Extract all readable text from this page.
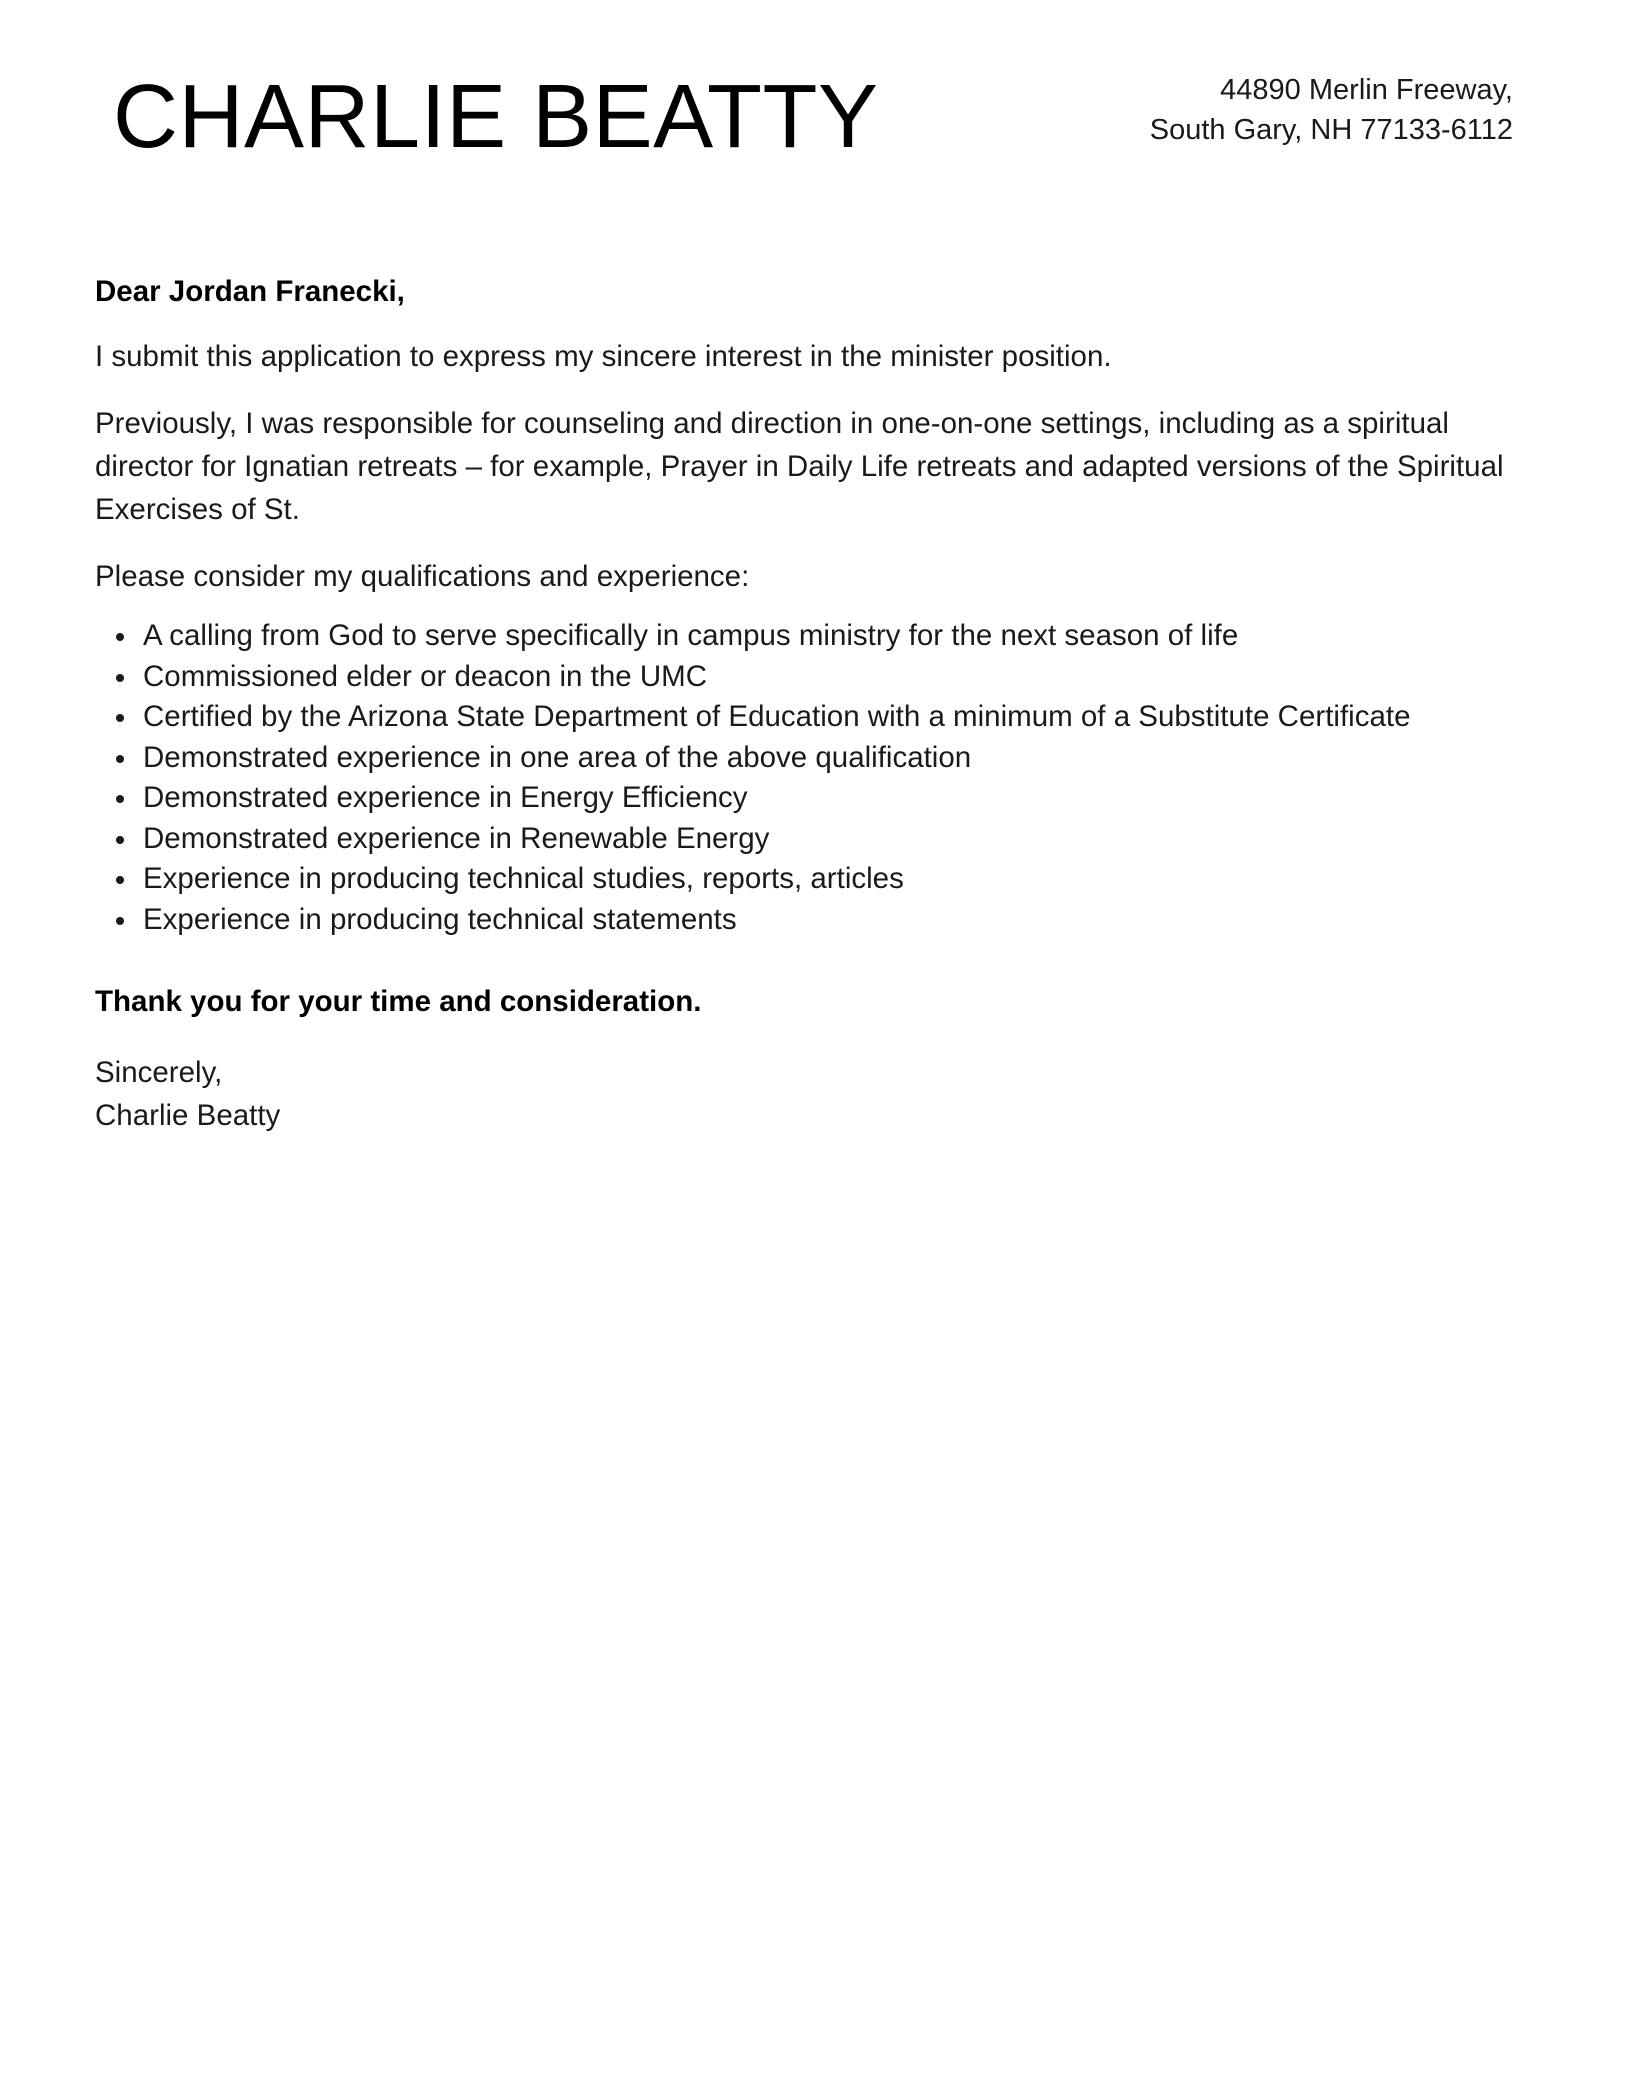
CHARLIE BEATTY	44890 Merlin Freeway,
South Gary, NH 77133-6112

Dear Jordan Franecki,

I submit this application to express my sincere interest in the minister position.

Previously, I was responsible for counseling and direction in one-on-one settings, including as a spiritual director for Ignatian retreats – for example, Prayer in Daily Life retreats and adapted versions of the Spiritual Exercises of St.

Please consider my qualifications and experience:

A calling from God to serve specifically in campus ministry for the next season of life
Commissioned elder or deacon in the UMC
Certified by the Arizona State Department of Education with a minimum of a Substitute Certificate
Demonstrated experience in one area of the above qualification
Demonstrated experience in Energy Efficiency
Demonstrated experience in Renewable Energy
Experience in producing technical studies, reports, articles
Experience in producing technical statements

Thank you for your time and consideration.

Sincerely,
Charlie Beatty
